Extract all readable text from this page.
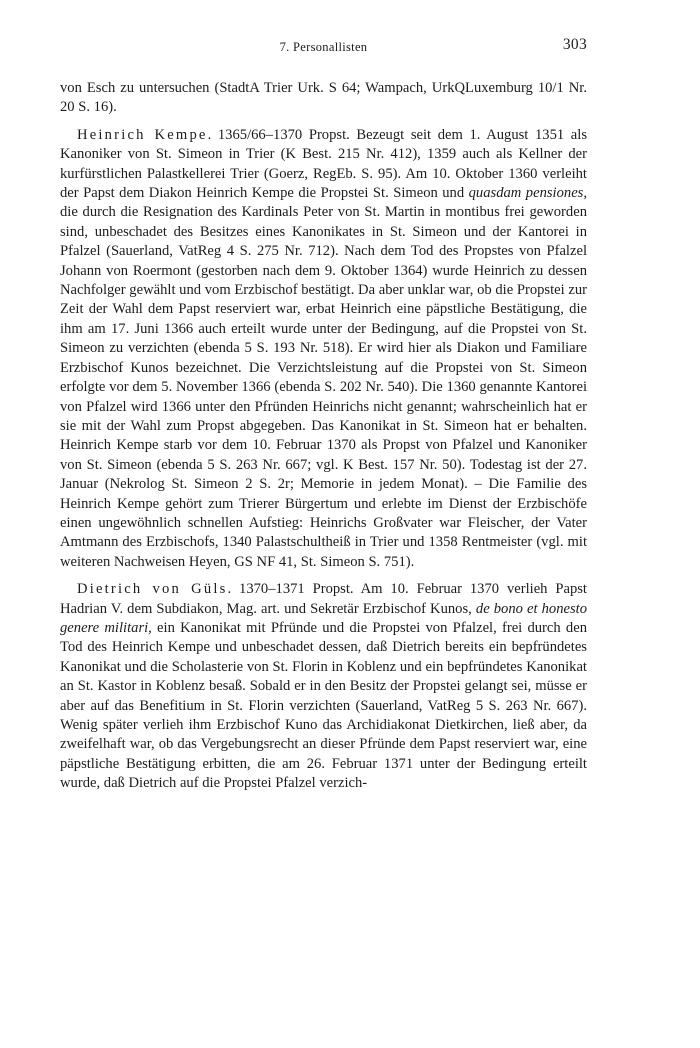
7. Personallisten	303

von Esch zu untersuchen (StadtA Trier Urk. S 64; Wampach, UrkQLuxemburg 10/1 Nr. 20 S. 16).

Heinrich Kempe. 1365/66–1370 Propst. Bezeugt seit dem 1. August 1351 als Kanoniker von St. Simeon in Trier (K Best. 215 Nr. 412), 1359 auch als Kellner der kurfürstlichen Palastkellerei Trier (Goerz, RegEb. S. 95). Am 10. Oktober 1360 verleiht der Papst dem Diakon Heinrich Kempe die Propstei St. Simeon und quasdam pensiones, die durch die Resignation des Kardinals Peter von St. Martin in montibus frei geworden sind, unbeschadet des Besitzes eines Kanonikates in St. Simeon und der Kantorei in Pfalzel (Sauerland, VatReg 4 S. 275 Nr. 712). Nach dem Tod des Propstes von Pfalzel Johann von Roermont (gestorben nach dem 9. Oktober 1364) wurde Heinrich zu dessen Nachfolger gewählt und vom Erzbischof bestätigt. Da aber unklar war, ob die Propstei zur Zeit der Wahl dem Papst reserviert war, erbat Heinrich eine päpstliche Bestätigung, die ihm am 17. Juni 1366 auch erteilt wurde unter der Bedingung, auf die Propstei von St. Simeon zu verzichten (ebenda 5 S. 193 Nr. 518). Er wird hier als Diakon und Familiare Erzbischof Kunos bezeichnet. Die Verzichtsleistung auf die Propstei von St. Simeon erfolgte vor dem 5. November 1366 (ebenda S. 202 Nr. 540). Die 1360 genannte Kantorei von Pfalzel wird 1366 unter den Pfründen Heinrichs nicht genannt; wahrscheinlich hat er sie mit der Wahl zum Propst abgegeben. Das Kanonikat in St. Simeon hat er behalten. Heinrich Kempe starb vor dem 10. Februar 1370 als Propst von Pfalzel und Kanoniker von St. Simeon (ebenda 5 S. 263 Nr. 667; vgl. K Best. 157 Nr. 50). Todestag ist der 27. Januar (Nekrolog St. Simeon 2 S. 2r; Memorie in jedem Monat). – Die Familie des Heinrich Kempe gehört zum Trierer Bürgertum und erlebte im Dienst der Erzbischöfe einen ungewöhnlich schnellen Aufstieg: Heinrichs Großvater war Fleischer, der Vater Amtmann des Erzbischofs, 1340 Palastschultheiß in Trier und 1358 Rentmeister (vgl. mit weiteren Nachweisen Heyen, GS NF 41, St. Simeon S. 751).

Dietrich von Güls. 1370–1371 Propst. Am 10. Februar 1370 verlieh Papst Hadrian V. dem Subdiakon, Mag. art. und Sekretär Erzbischof Kunos, de bono et honesto genere militari, ein Kanonikat mit Pfründe und die Propstei von Pfalzel, frei durch den Tod des Heinrich Kempe und unbeschadet dessen, daß Dietrich bereits ein bepfründetes Kanonikat und die Scholasterie von St. Florin in Koblenz und ein bepfründetes Kanonikat an St. Kastor in Koblenz besaß. Sobald er in den Besitz der Propstei gelangt sei, müsse er aber auf das Benefitium in St. Florin verzichten (Sauerland, VatReg 5 S. 263 Nr. 667). Wenig später verlieh ihm Erzbischof Kuno das Archidiakonat Dietkirchen, ließ aber, da zweifelhaft war, ob das Vergebungsrecht an dieser Pfründe dem Papst reserviert war, eine päpstliche Bestätigung erbitten, die am 26. Februar 1371 unter der Bedingung erteilt wurde, daß Dietrich auf die Propstei Pfalzel verzich-
